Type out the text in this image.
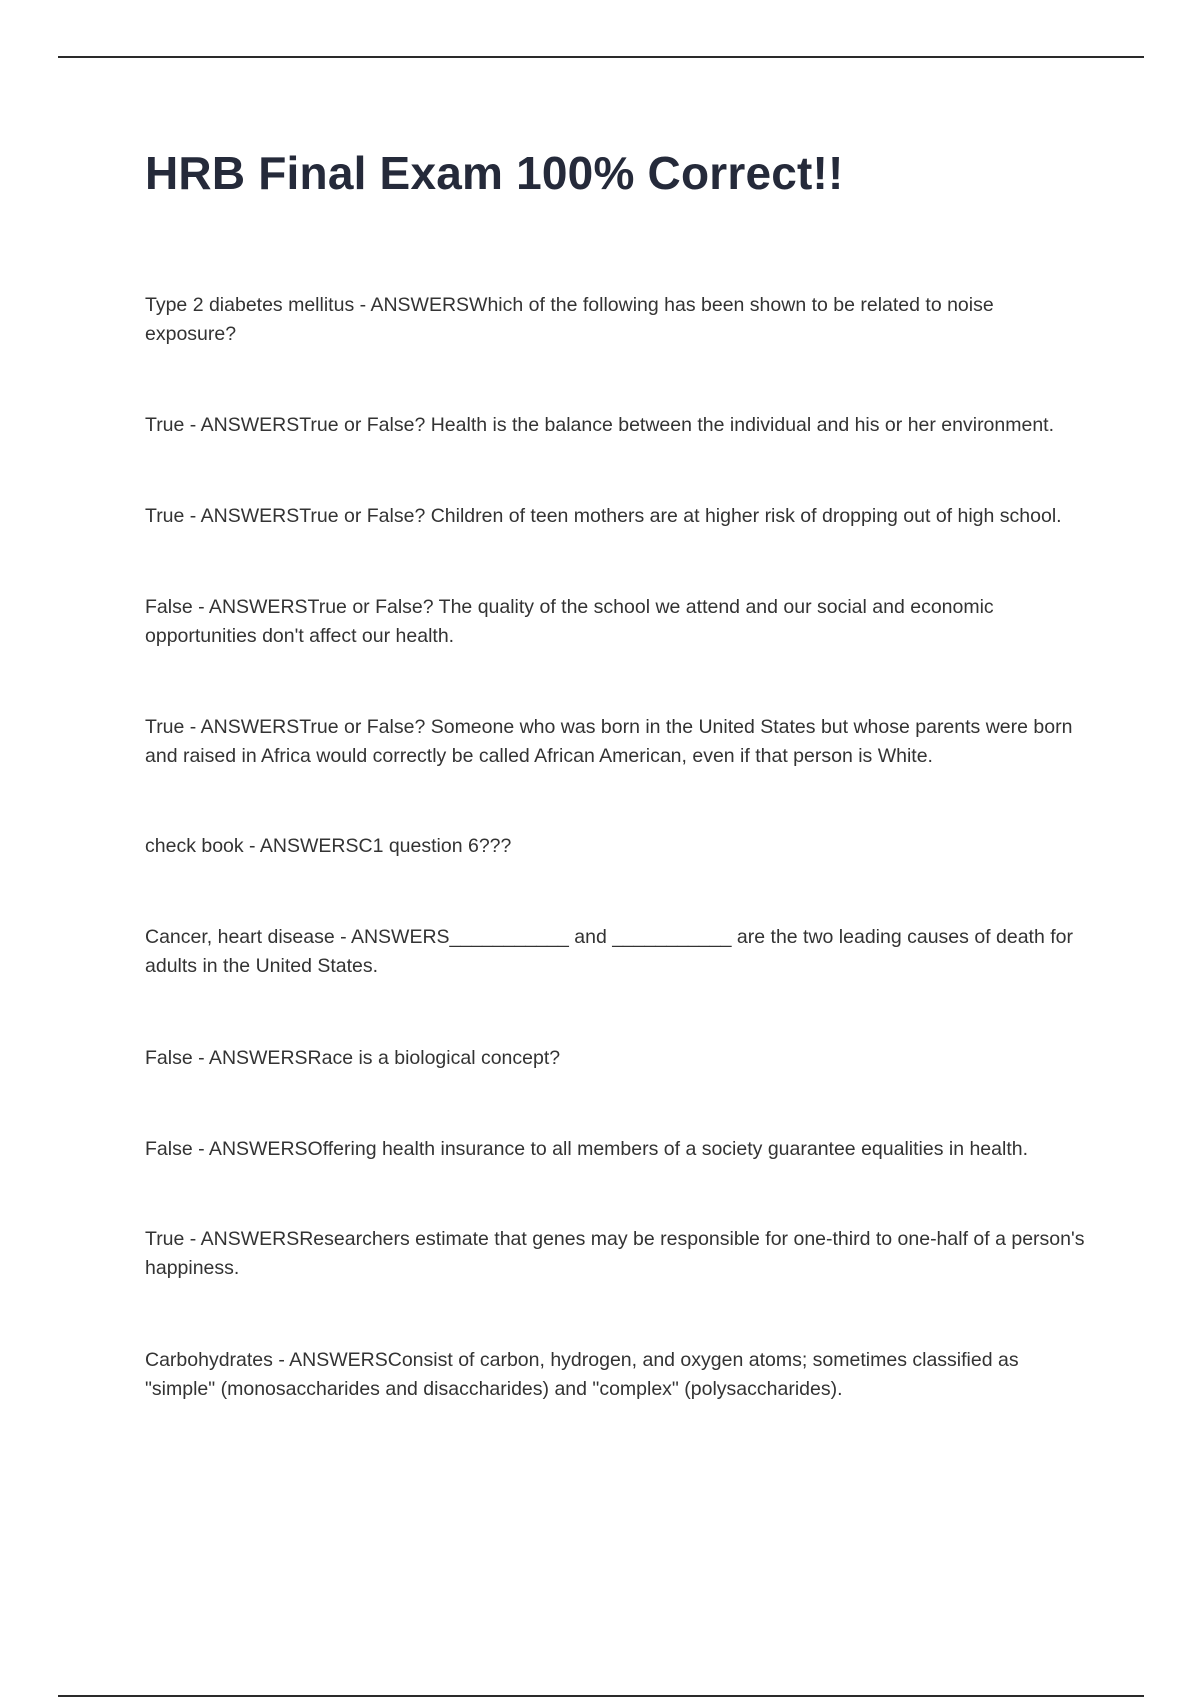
HRB Final Exam 100% Correct!!

Type 2 diabetes mellitus - ANSWERSWhich of the following has been shown to be related to noise exposure?

True - ANSWERSTrue or False? Health is the balance between the individual and his or her environment.

True - ANSWERSTrue or False? Children of teen mothers are at higher risk of dropping out of high school.

False - ANSWERSTrue or False? The quality of the school we attend and our social and economic opportunities don't affect our health.

True - ANSWERSTrue or False? Someone who was born in the United States but whose parents were born and raised in Africa would correctly be called African American, even if that person is White.

check book - ANSWERSC1 question 6???

Cancer, heart disease - ANSWERS___________ and ___________ are the two leading causes of death for adults in the United States.

False - ANSWERSRace is a biological concept?

False - ANSWERSOffering health insurance to all members of a society guarantee equalities in health.

True - ANSWERSResearchers estimate that genes may be responsible for one-third to one-half of a person's happiness.

Carbohydrates - ANSWERSConsist of carbon, hydrogen, and oxygen atoms; sometimes classified as "simple" (monosaccharides and disaccharides) and "complex" (polysaccharides).
